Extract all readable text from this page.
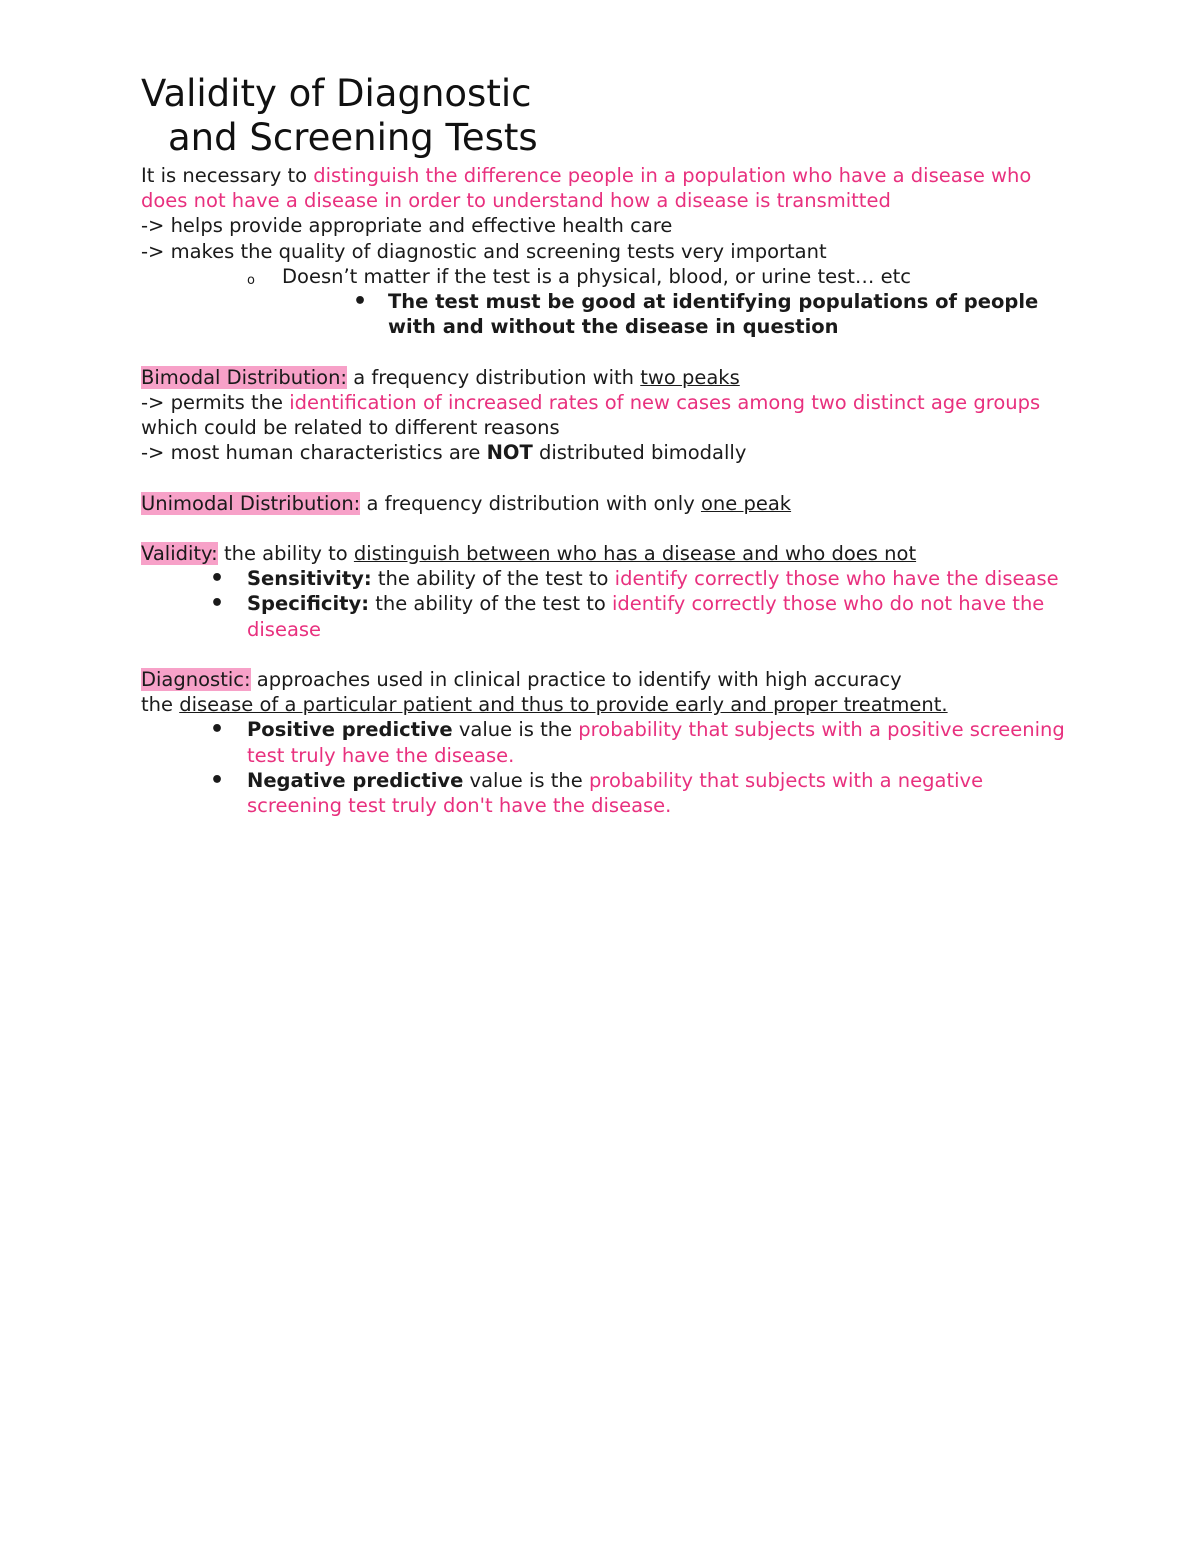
Validity of Diagnostic
and Screening Tests

It is necessary to distinguish the difference people in a population who have a disease who does not have a disease in order to understand how a disease is transmitted

-> helps provide appropriate and effective health care

-> makes the quality of diagnostic and screening tests very important

o Doesn’t matter if the test is a physical, blood, or urine test… etc

• The test must be good at identifying populations of people with and without the disease in question

Bimodal Distribution: a frequency distribution with two peaks

-> permits the identification of increased rates of new cases among two distinct age groups which could be related to different reasons

-> most human characteristics are NOT distributed bimodally

Unimodal Distribution: a frequency distribution with only one peak

Validity: the ability to distinguish between who has a disease and who does not

• Sensitivity: the ability of the test to identify correctly those who have the disease

• Specificity: the ability of the test to identify correctly those who do not have the disease

Diagnostic: approaches used in clinical practice to identify with high accuracy

the disease of a particular patient and thus to provide early and proper treatment.

• Positive predictive value is the probability that subjects with a positive screening test truly have the disease.

• Negative predictive value is the probability that subjects with a negative screening test truly don't have the disease.
